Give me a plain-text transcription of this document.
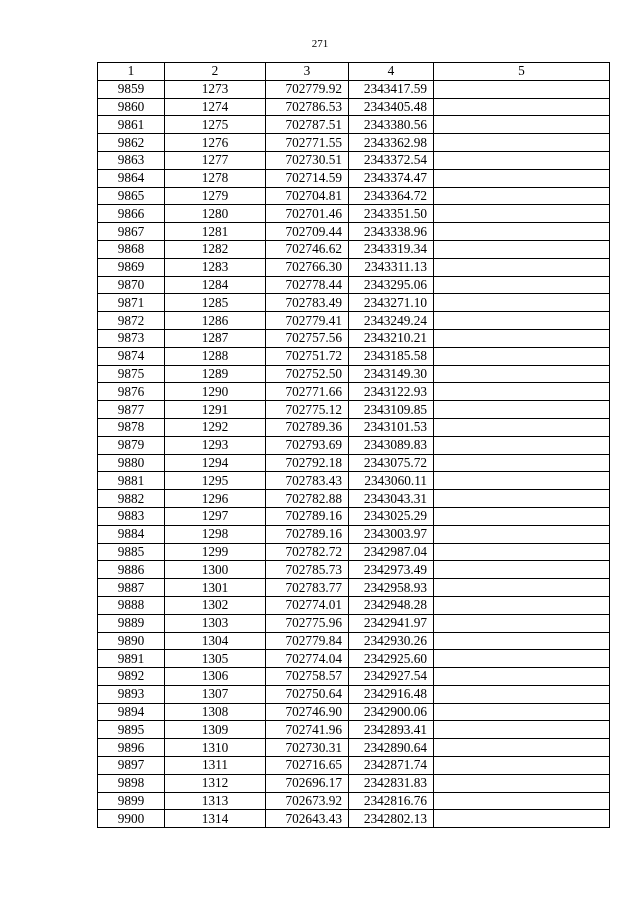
271
1	2	3	4	5
9859	1273	702779.92	2343417.59	
9860	1274	702786.53	2343405.48	
9861	1275	702787.51	2343380.56	
9862	1276	702771.55	2343362.98	
9863	1277	702730.51	2343372.54	
9864	1278	702714.59	2343374.47	
9865	1279	702704.81	2343364.72	
9866	1280	702701.46	2343351.50	
9867	1281	702709.44	2343338.96	
9868	1282	702746.62	2343319.34	
9869	1283	702766.30	2343311.13	
9870	1284	702778.44	2343295.06	
9871	1285	702783.49	2343271.10	
9872	1286	702779.41	2343249.24	
9873	1287	702757.56	2343210.21	
9874	1288	702751.72	2343185.58	
9875	1289	702752.50	2343149.30	
9876	1290	702771.66	2343122.93	
9877	1291	702775.12	2343109.85	
9878	1292	702789.36	2343101.53	
9879	1293	702793.69	2343089.83	
9880	1294	702792.18	2343075.72	
9881	1295	702783.43	2343060.11	
9882	1296	702782.88	2343043.31	
9883	1297	702789.16	2343025.29	
9884	1298	702789.16	2343003.97	
9885	1299	702782.72	2342987.04	
9886	1300	702785.73	2342973.49	
9887	1301	702783.77	2342958.93	
9888	1302	702774.01	2342948.28	
9889	1303	702775.96	2342941.97	
9890	1304	702779.84	2342930.26	
9891	1305	702774.04	2342925.60	
9892	1306	702758.57	2342927.54	
9893	1307	702750.64	2342916.48	
9894	1308	702746.90	2342900.06	
9895	1309	702741.96	2342893.41	
9896	1310	702730.31	2342890.64	
9897	1311	702716.65	2342871.74	
9898	1312	702696.17	2342831.83	
9899	1313	702673.92	2342816.76	
9900	1314	702643.43	2342802.13	
